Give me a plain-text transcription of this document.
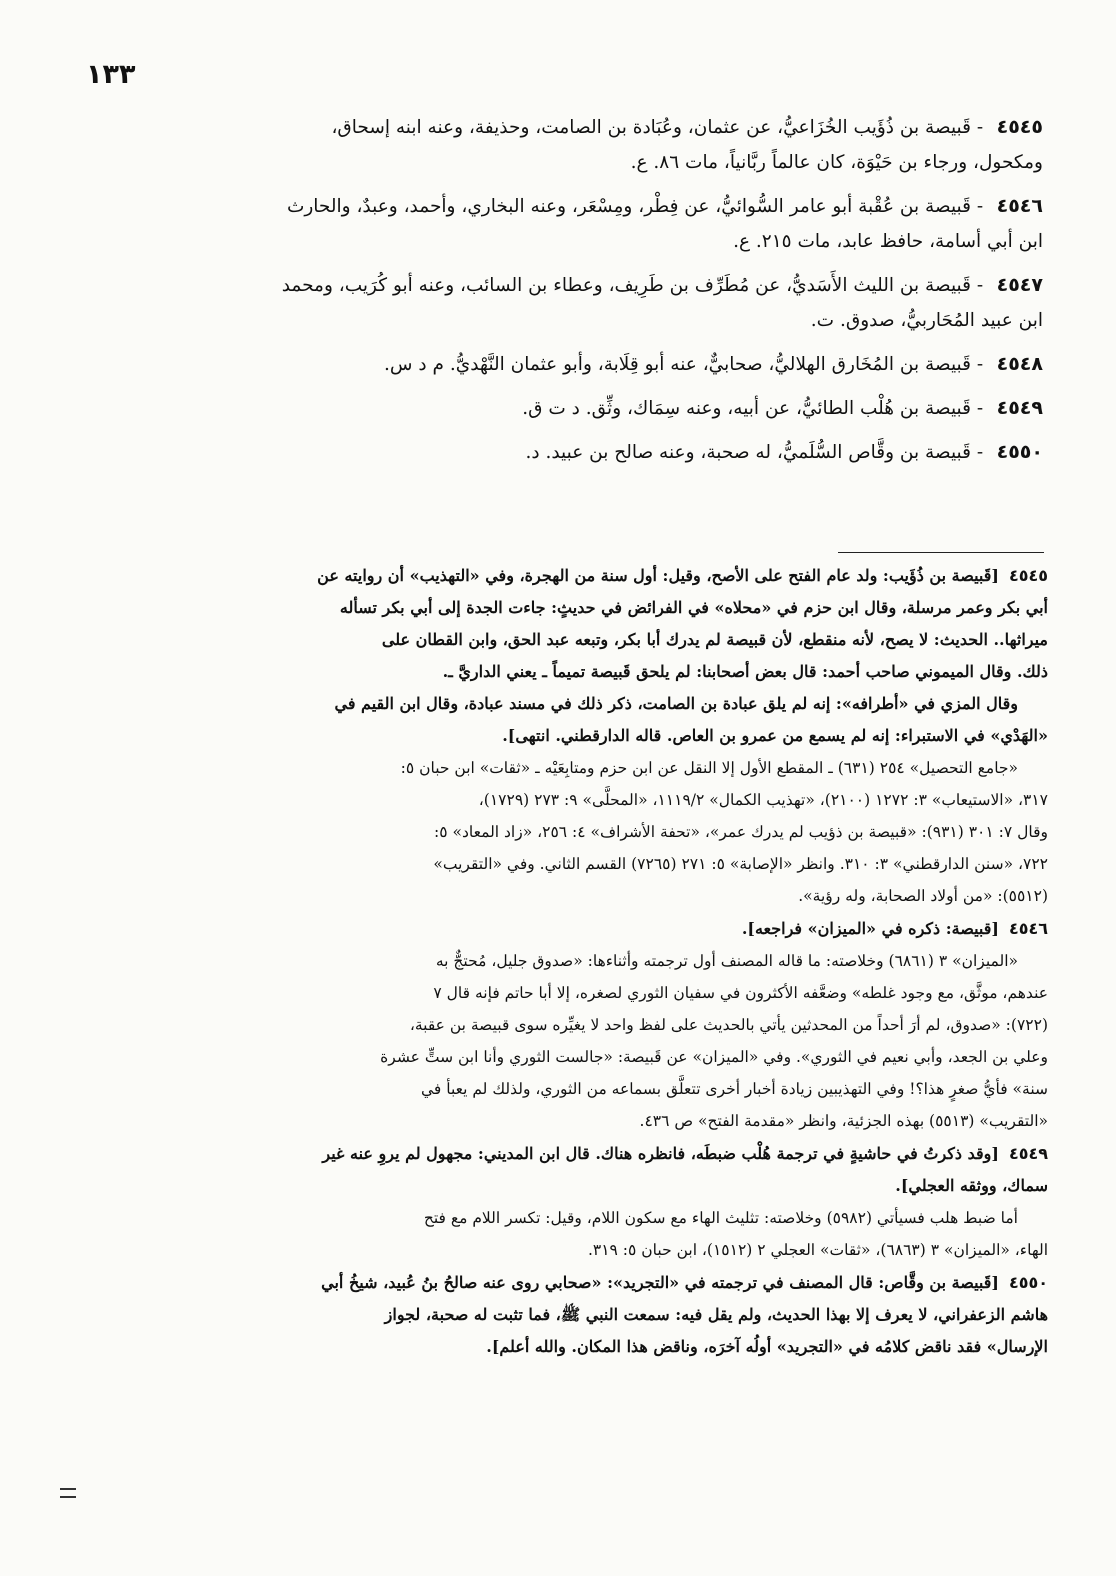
١٣٣
٤٥٤٥ - قَبيصة بن ذُؤَيب الخُزَاعيُّ، عن عثمان، وعُبَادة بن الصامت، وحذيفة، وعنه ابنه إسحاق،
ومكحول، ورجاء بن حَيْوَة، كان عالماً ربَّانياً، مات ٨٦. ع.
٤٥٤٦ - قَبيصة بن عُقْبة أبو عامر السُّوائيُّ، عن فِطْر، ومِسْعَر، وعنه البخاري، وأحمد، وعبدٌ، والحارث
ابن أبي أسامة، حافظ عابد، مات ٢١٥. ع.
٤٥٤٧ - قَبيصة بن الليث الأَسَديُّ، عن مُطَرِّف بن طَرِيف، وعطاء بن السائب، وعنه أبو كُرَيب، ومحمد
ابن عبيد المُحَاربيُّ، صدوق. ت.
٤٥٤٨ - قَبيصة بن المُخَارق الهلاليُّ، صحابيٌّ، عنه أبو قِلَابة، وأبو عثمان النَّهْديُّ. م د س.
٤٥٤٩ - قَبيصة بن هُلْب الطائيُّ، عن أبيه، وعنه سِمَاك، وثِّق. د ت ق.
٤٥٥٠ - قَبيصة بن وقَّاص السُّلَميُّ، له صحبة، وعنه صالح بن عبيد. د.
٤٥٤٥[قَبيصة بن ذُؤَيب: ولد عام الفتح على الأصح، وقيل: أول سنة من الهجرة، وفي «التهذيب» أن روايته عن
أبي بكر وعمر مرسلة، وقال ابن حزم في «محلاه» في الفرائض في حديثٍ: جاءت الجدة إلى أبي بكر تسأله
ميراثها.. الحديث: لا يصح، لأنه منقطع، لأن قبيصة لم يدرك أبا بكر، وتبعه عبد الحق، وابن القطان على
ذلك. وقال الميموني صاحب أحمد: قال بعض أصحابنا: لم يلحق قَبيصة تميماً ـ يعني الداريَّ ـ.
وقال المزي في «أطرافه»: إنه لم يلق عبادة بن الصامت، ذكر ذلك في مسند عبادة، وقال ابن القيم في
«الهَدْي» في الاستبراء: إنه لم يسمع من عمرو بن العاص. قاله الدارقطني. انتهى].
«جامع التحصيل» ٢٥٤ (٦٣١) ـ المقطع الأول إلا النقل عن ابن حزم ومتابِعَيْه ـ «ثقات» ابن حبان ٥:
٣١٧، «الاستيعاب» ٣: ١٢٧٢ (٢١٠٠)، «تهذيب الكمال» ١١١٩/٢، «المحلَّى» ٩: ٢٧٣ (١٧٢٩)،
وقال ٧: ٣٠١ (٩٣١): «قبيصة بن ذؤيب لم يدرك عمر»، «تحفة الأشراف» ٤: ٢٥٦، «زاد المعاد» ٥:
٧٢٢، «سنن الدارقطني» ٣: ٣١٠. وانظر «الإصابة» ٥: ٢٧١ (٧٢٦٥) القسم الثاني. وفي «التقريب»
(٥٥١٢): «من أولاد الصحابة، وله رؤية».
٤٥٤٦[قبيصة: ذكره في «الميزان» فراجعه].
«الميزان» ٣ (٦٨٦١) وخلاصته: ما قاله المصنف أول ترجمته وأثناءها: «صدوق جليل، مُحتجٌّ به
عندهم، موثَّق، مع وجود غلطه» وضعَّفه الأكثرون في سفيان الثوري لصغره، إلا أبا حاتم فإنه قال ٧
(٧٢٢): «صدوق، لم أرَ أحداً من المحدثين يأتي بالحديث على لفظ واحد لا يغيِّره سوى قبيصة بن عقبة،
وعلي بن الجعد، وأبي نعيم في الثوري». وفي «الميزان» عن قَبيصة: «جالست الثوري وأنا ابن ستٍّ عشرة
سنة» فأيُّ صغرٍ هذا؟! وفي التهذيبين زيادة أخبار أخرى تتعلَّق بسماعه من الثوري، ولذلك لم يعبأ في
«التقريب» (٥٥١٣) بهذه الجزئية، وانظر «مقدمة الفتح» ص ٤٣٦.
٤٥٤٩[وقد ذكرتُ في حاشيةٍ في ترجمة هُلْب ضبطَه، فانظره هناك. قال ابن المديني: مجهول لم يروِ عنه غير
سماك، ووثقه العجلي].
أما ضبط هلب فسيأتي (٥٩٨٢) وخلاصته: تثليث الهاء مع سكون اللام، وقيل: تكسر اللام مع فتح
الهاء، «الميزان» ٣ (٦٨٦٣)، «ثقات» العجلي ٢ (١٥١٢)، ابن حبان ٥: ٣١٩.
٤٥٥٠[قَبيصة بن وقَّاص: قال المصنف في ترجمته في «التجريد»: «صحابي روى عنه صالحُ بنُ عُبيد، شيخُ أبي
هاشم الزعفراني، لا يعرف إلا بهذا الحديث، ولم يقل فيه: سمعت النبي ﷺ، فما تثبت له صحبة، لجواز
الإرسال» فقد ناقض كلامُه في «التجريد» أولُه آخرَه، وناقض هذا المكان. والله أعلم].
